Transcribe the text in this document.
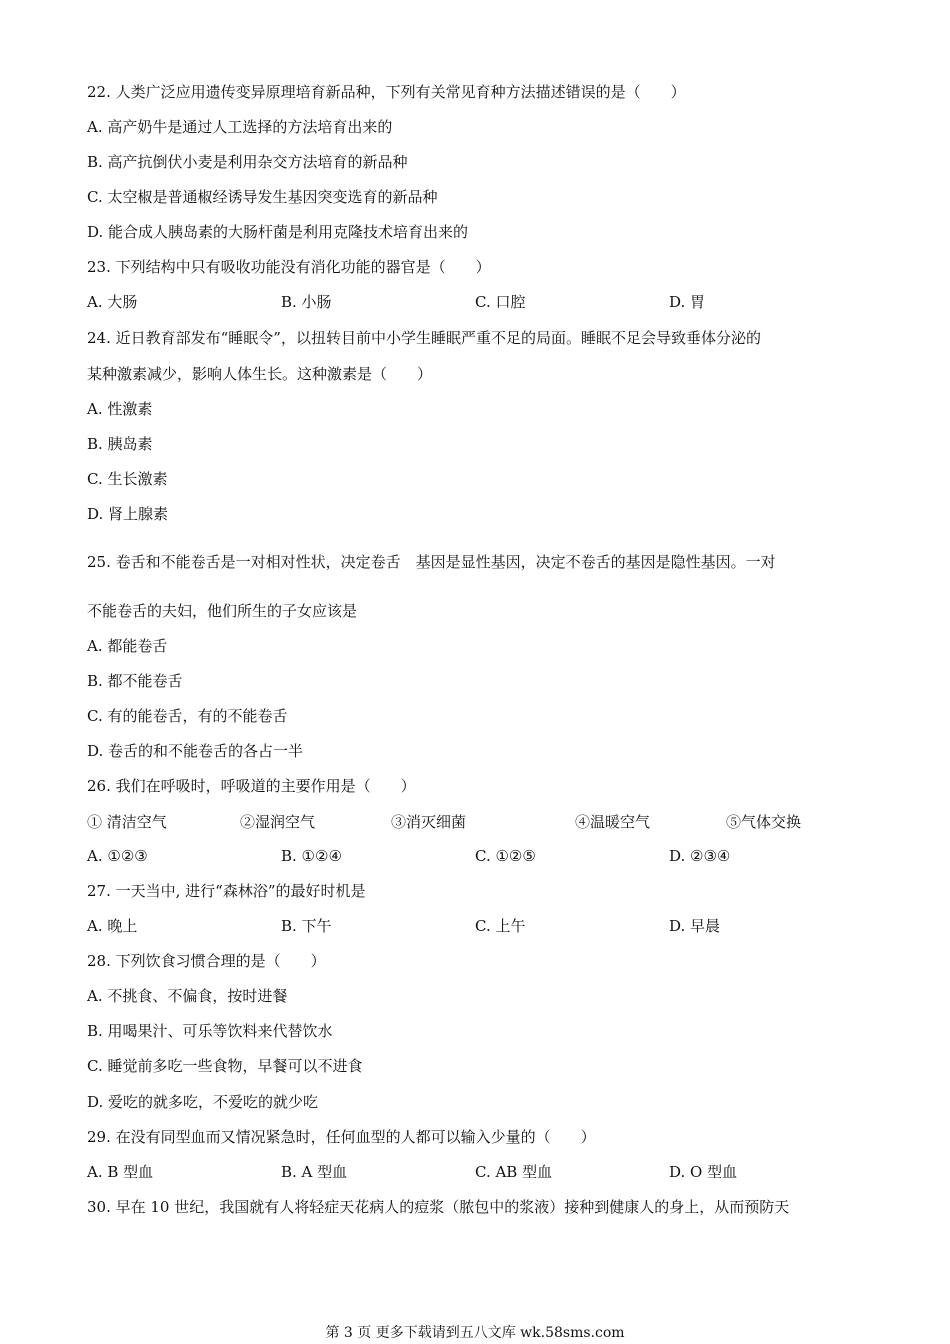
22. 人类广泛应用遗传变异原理培育新品种，下列有关常见育种方法描述错误的是（　　）
A. 高产奶牛是通过人工选择的方法培育出来的
B. 高产抗倒伏小麦是利用杂交方法培育的新品种
C. 太空椒是普通椒经诱导发生基因突变选育的新品种
D. 能合成人胰岛素的大肠杆菌是利用克隆技术培育出来的
23. 下列结构中只有吸收功能没有消化功能的器官是（　　）
A. 大肠	B. 小肠	C. 口腔	D. 胃
24. 近日教育部发布“睡眠令”，以扭转目前中小学生睡眠严重不足的局面。睡眠不足会导致垂体分泌的
某种激素减少，影响人体生长。这种激素是（　　）
A. 性激素
B. 胰岛素
C. 生长激素
D. 肾上腺素
25. 卷舌和不能卷舌是一对相对性状，决定卷舌　基因是显性基因，决定不卷舌的基因是隐性基因。一对
不能卷舌的夫妇，他们所生的子女应该是
A. 都能卷舌
B. 都不能卷舌
C. 有的能卷舌，有的不能卷舌
D. 卷舌的和不能卷舌的各占一半
26. 我们在呼吸时，呼吸道的主要作用是（　　）
① 清洁空气	②湿润空气	③消灭细菌	④温暖空气	⑤气体交换
A. ①②③	B. ①②④	C. ①②⑤	D. ②③④
27. 一天当中, 进行“森林浴”的最好时机是
A. 晚上	B. 下午	C. 上午	D. 早晨
28. 下列饮食习惯合理的是（　　）
A. 不挑食、不偏食，按时进餐
B. 用喝果汁、可乐等饮料来代替饮水
C. 睡觉前多吃一些食物，早餐可以不进食
D. 爱吃的就多吃，不爱吃的就少吃
29. 在没有同型血而又情况紧急时，任何血型的人都可以输入少量的（　　）
A. B 型血	B. A 型血	C. AB 型血	D. O 型血
30. 早在 10 世纪，我国就有人将轻症天花病人的痘浆（脓包中的浆液）接种到健康人的身上，从而预防天
第 3 页 更多下载请到五八文库 wk.58sms.com
